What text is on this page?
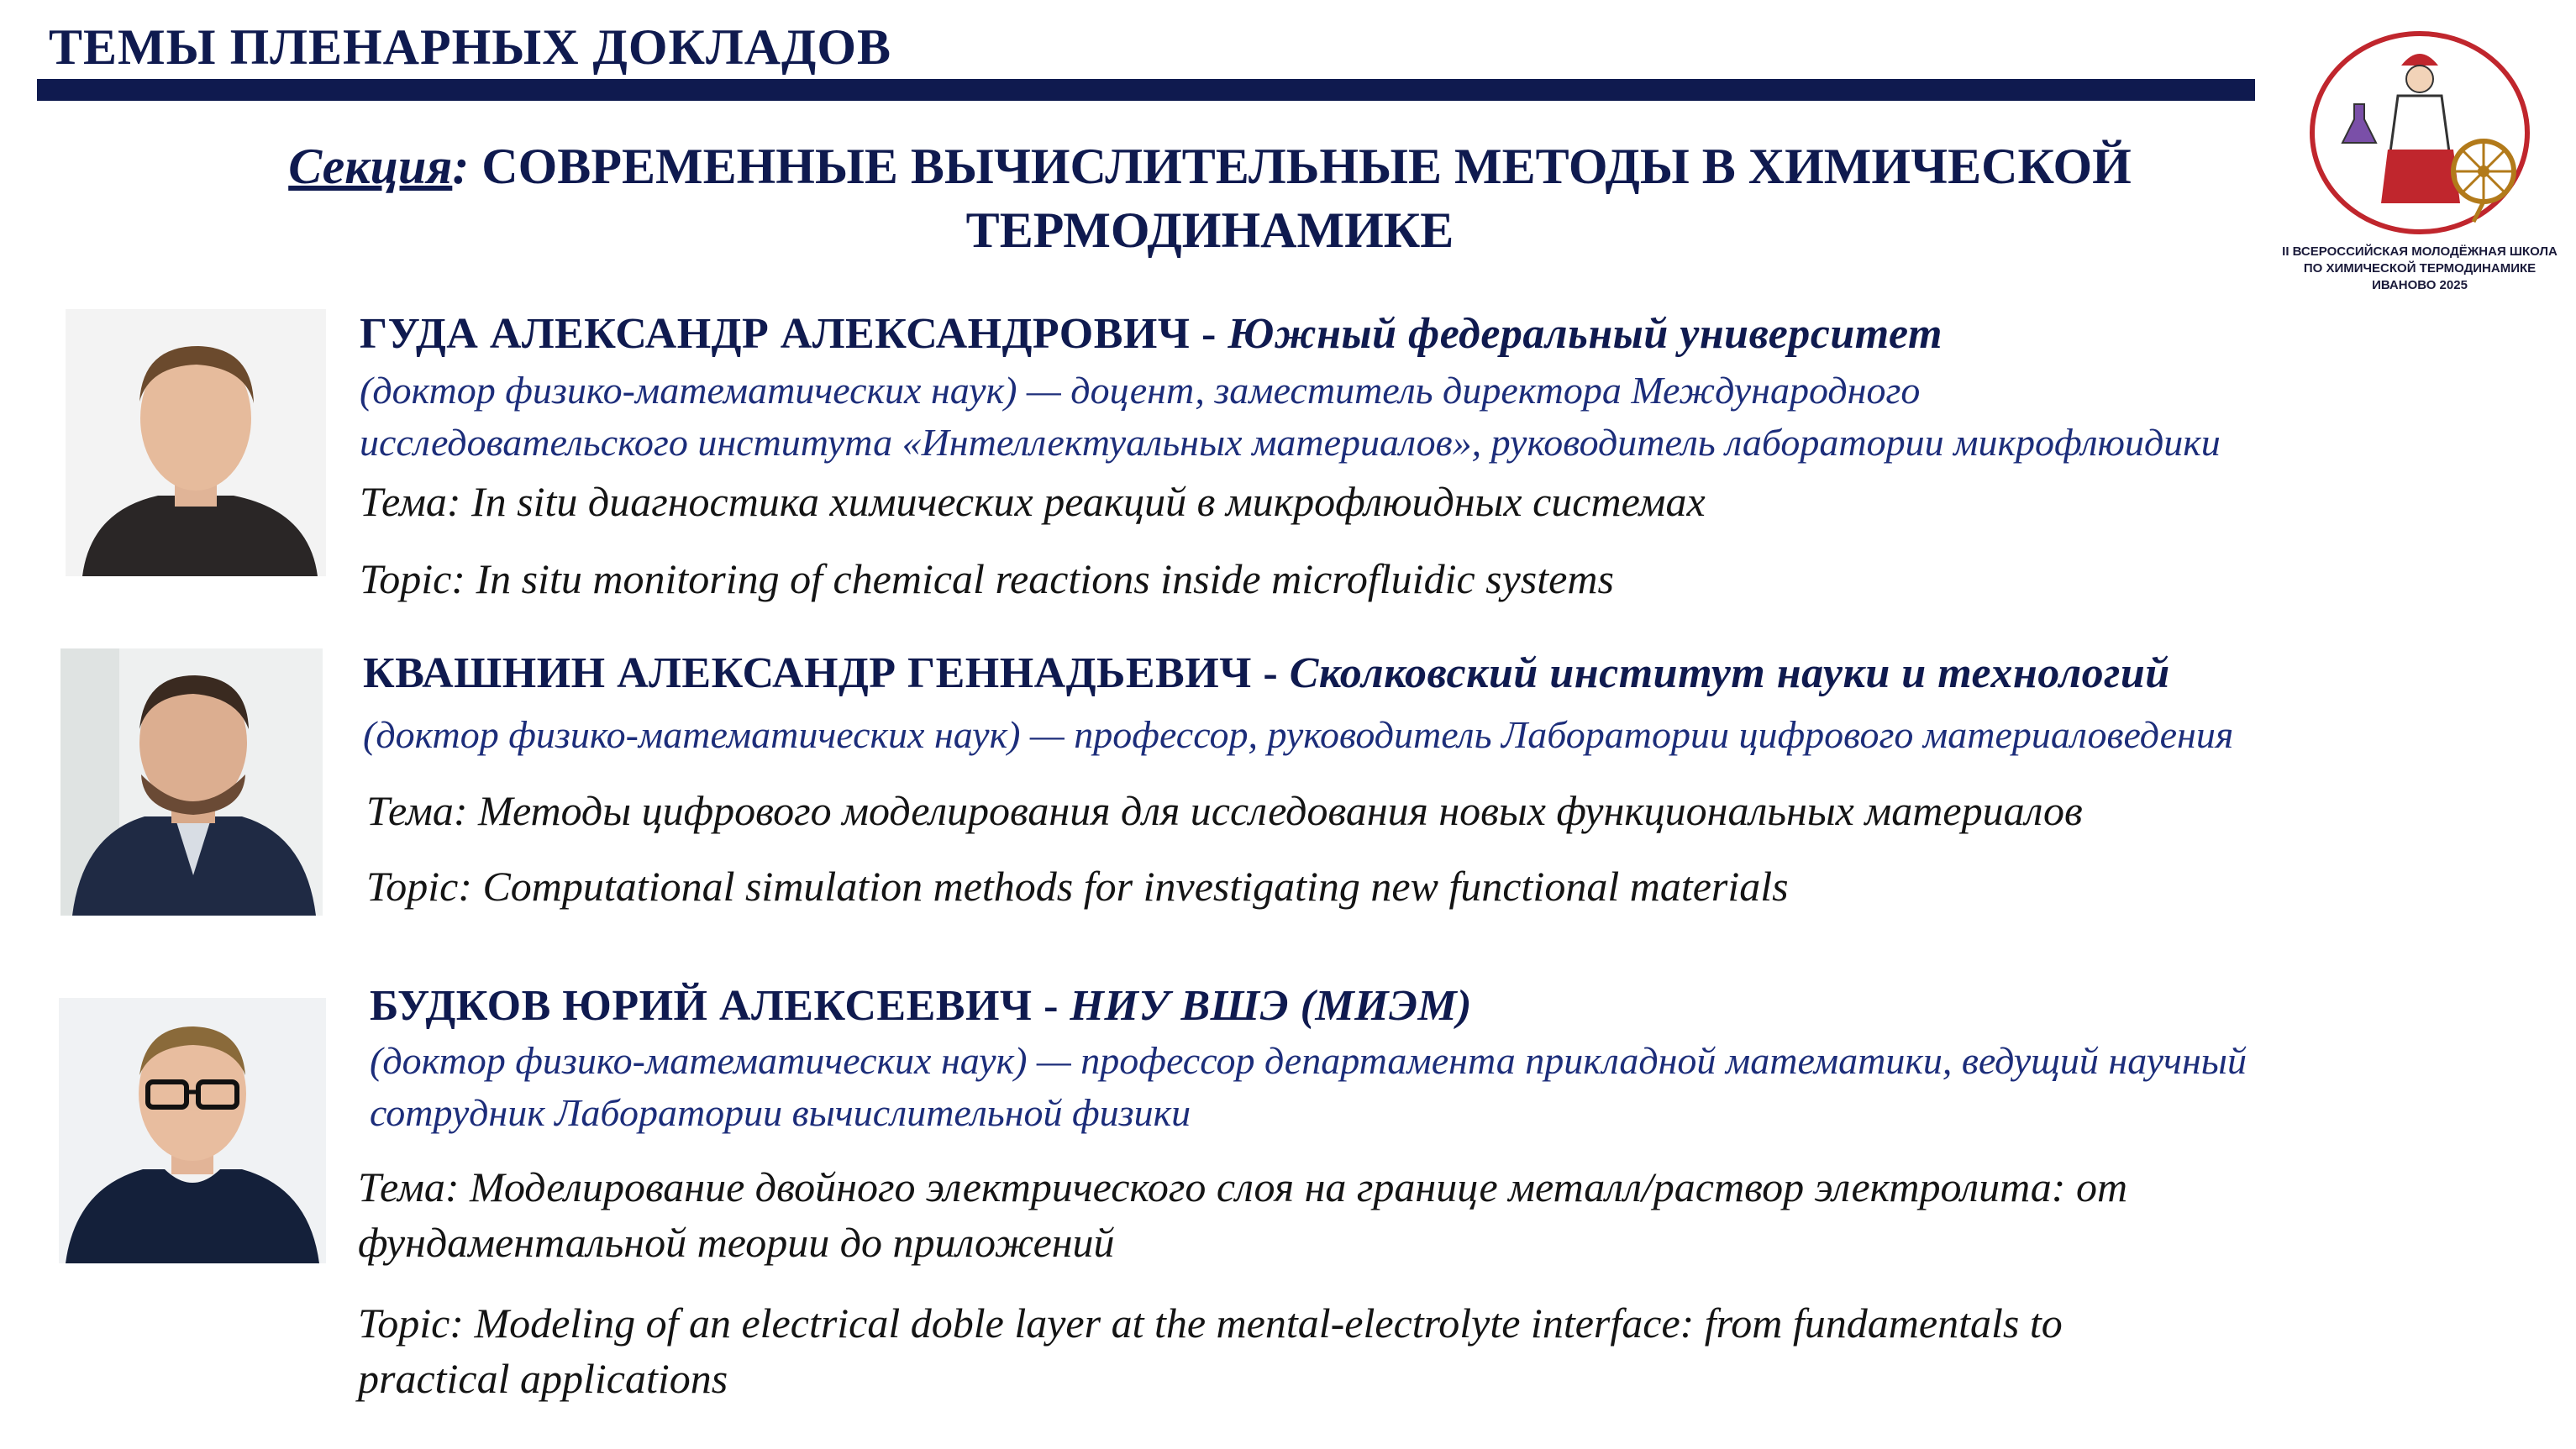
ТЕМЫ ПЛЕНАРНЫХ ДОКЛАДОВ
Секция: СОВРЕМЕННЫЕ ВЫЧИСЛИТЕЛЬНЫЕ МЕТОДЫ В ХИМИЧЕСКОЙ ТЕРМОДИНАМИКЕ	II ВСЕРОССИЙСКАЯ МОЛОДЁЖНАЯ ШКОЛА
ПО ХИМИЧЕСКОЙ ТЕРМОДИНАМИКЕ
ИВАНОВО 2025
ГУДА АЛЕКСАНДР АЛЕКСАНДРОВИЧ - Южный федеральный университет
(доктор физико-математических наук) — доцент, заместитель директора Международного
исследовательского института «Интеллектуальных материалов», руководитель лаборатории микрофлюидики
Тема: In situ диагностика химических реакций в микрофлюидных системах
Topic: In situ monitoring of chemical reactions inside microfluidic systems
КВАШНИН АЛЕКСАНДР ГЕННАДЬЕВИЧ - Сколковский институт науки и технологий
(доктор физико-математических наук) — профессор, руководитель Лаборатории цифрового материаловедения
Тема: Методы цифрового моделирования для исследования новых функциональных материалов
Topic: Computational simulation methods for investigating new functional materials
БУДКОВ ЮРИЙ АЛЕКСЕЕВИЧ - НИУ ВШЭ (МИЭМ)
(доктор физико-математических наук) — профессор департамента прикладной математики, ведущий научный
сотрудник Лаборатории вычислительной физики
Тема: Моделирование двойного электрического слоя на границе металл/раствор электролита: от
фундаментальной теории до приложений
Topic: Modeling of an electrical doble layer at the mental-electrolyte interface: from fundamentals to
practical applications
